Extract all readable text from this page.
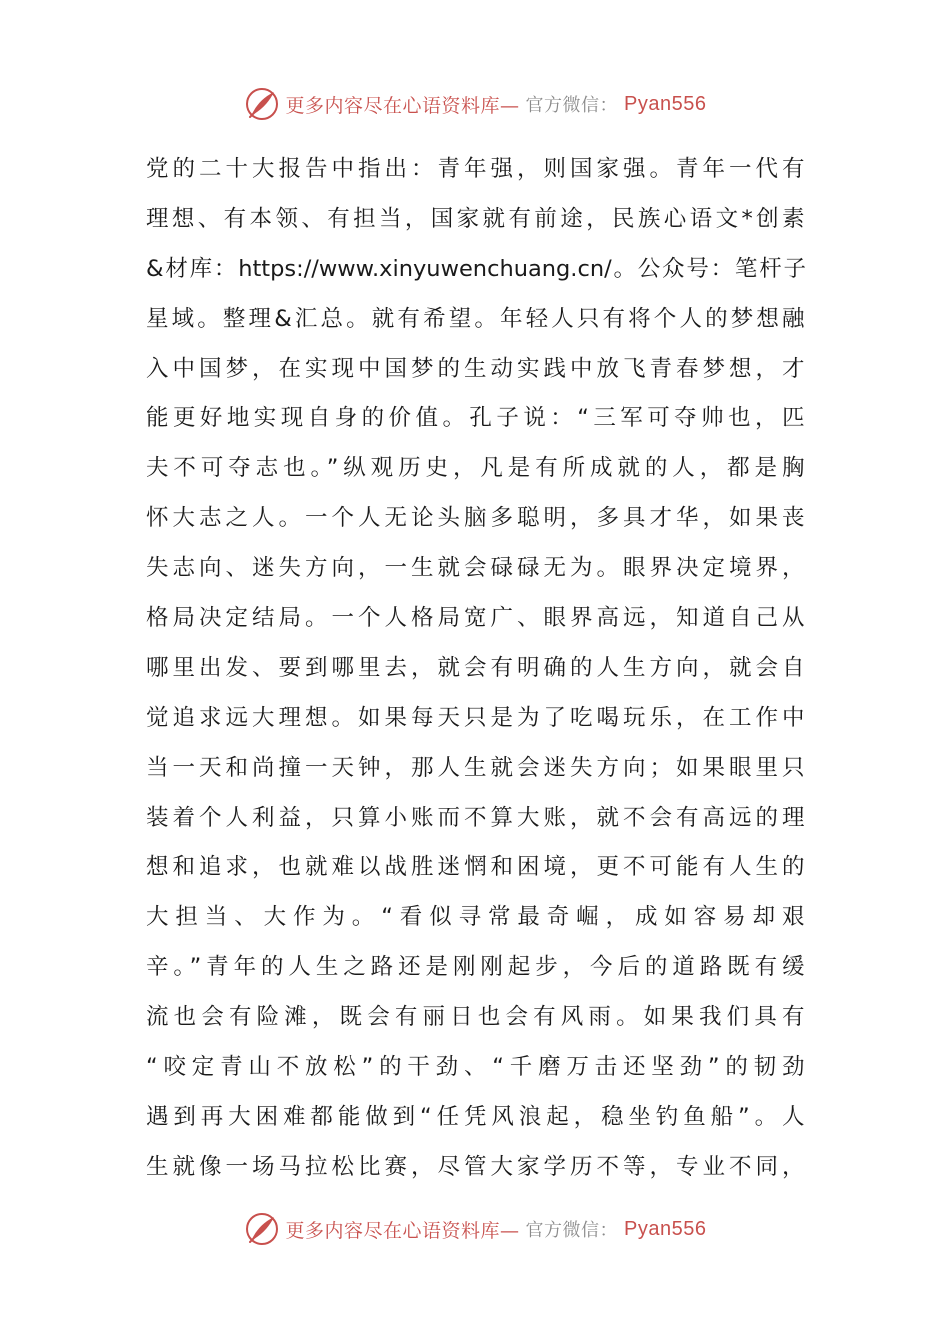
更多内容尽在心语资料库— 官方微信： Pyan556
党的二十大报告中指出：青年强，则国家强。青年一代有
理想、有本领、有担当，国家就有前途，民族心语文*创素
&材库：https://www.xinyuwenchuang.cn/。公众号：笔杆子
星域。整理&汇总。就有希望。年轻人只有将个人的梦想融
入中国梦，在实现中国梦的生动实践中放飞青春梦想，才
能更好地实现自身的价值。孔子说：“三军可夺帅也，匹
夫不可夺志也。”纵观历史，凡是有所成就的人，都是胸
怀大志之人。一个人无论头脑多聪明，多具才华，如果丧
失志向、迷失方向，一生就会碌碌无为。眼界决定境界，
格局决定结局。一个人格局宽广、眼界高远，知道自己从
哪里出发、要到哪里去，就会有明确的人生方向，就会自
觉追求远大理想。如果每天只是为了吃喝玩乐，在工作中
当一天和尚撞一天钟，那人生就会迷失方向；如果眼里只
装着个人利益，只算小账而不算大账，就不会有高远的理
想和追求，也就难以战胜迷惘和困境，更不可能有人生的
大担当、大作为。“看似寻常最奇崛，成如容易却艰
辛。”青年的人生之路还是刚刚起步，今后的道路既有缓
流也会有险滩，既会有丽日也会有风雨。如果我们具有
“咬定青山不放松”的干劲、“千磨万击还坚劲”的韧劲
遇到再大困难都能做到“任凭风浪起，稳坐钓鱼船”。人
生就像一场马拉松比赛，尽管大家学历不等，专业不同，
更多内容尽在心语资料库— 官方微信： Pyan556
